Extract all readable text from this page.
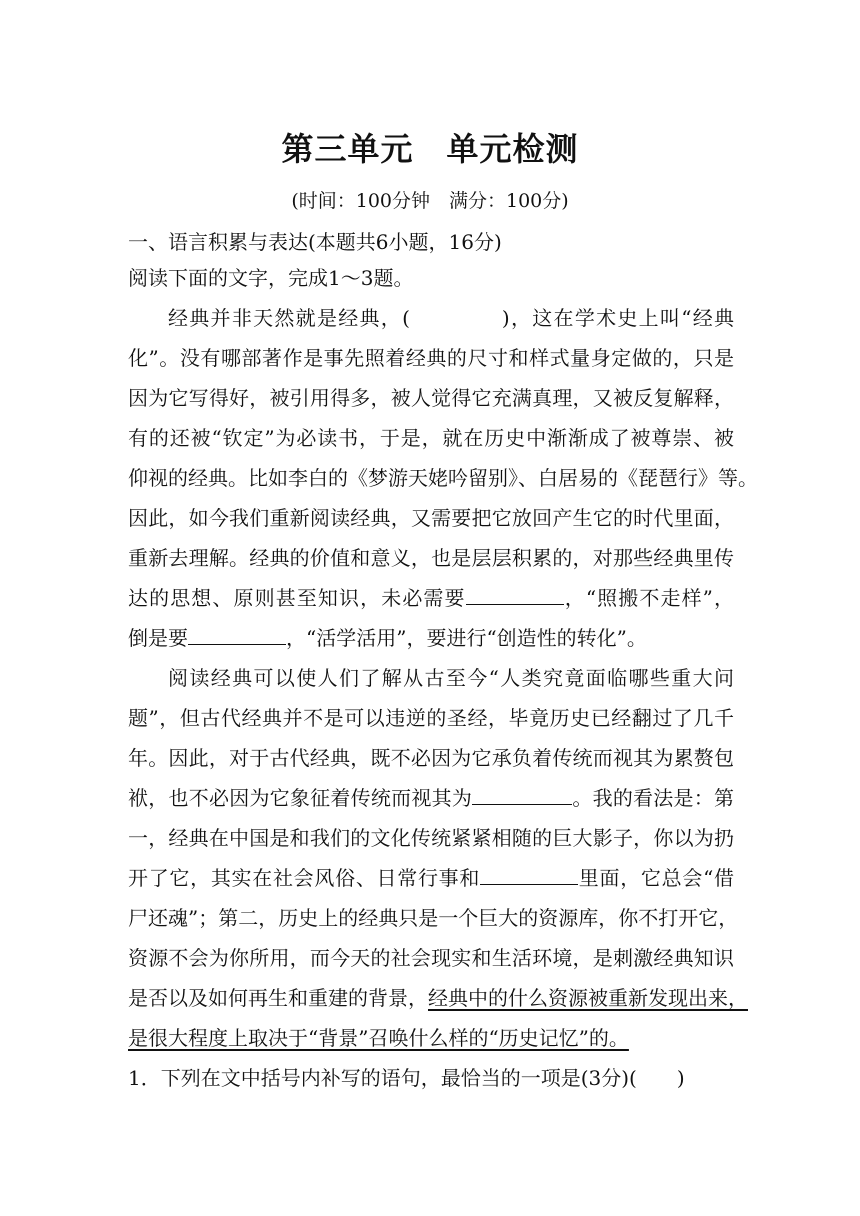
第三单元　单元检测
(时间：100分钟　满分：100分)
一、语言积累与表达(本题共6小题，16分)
阅读下面的文字，完成1～3题。
经典并非天然就是经典，(	)，这在学术史上叫“经典
化”。没有哪部著作是事先照着经典的尺寸和样式量身定做的，只是
因为它写得好，被引用得多，被人觉得它充满真理，又被反复解释，
有的还被“钦定”为必读书，于是，就在历史中渐渐成了被尊崇、被
仰视的经典。比如李白的《梦游天姥吟留别》、白居易的《琵琶行》等。
因此，如今我们重新阅读经典，又需要把它放回产生它的时代里面，
重新去理解。经典的价值和意义，也是层层积累的，对那些经典里传
达的思想、原则甚至知识，未必需要	，“照搬不走样”，
倒是要	，“活学活用”，要进行“创造性的转化”。
阅读经典可以使人们了解从古至今“人类究竟面临哪些重大问
题”，但古代经典并不是可以违逆的圣经，毕竟历史已经翻过了几千
年。因此，对于古代经典，既不必因为它承负着传统而视其为累赘包
袱，也不必因为它象征着传统而视其为	。我的看法是：第
一，经典在中国是和我们的文化传统紧紧相随的巨大影子，你以为扔
开了它，其实在社会风俗、日常行事和	里面，它总会“借
尸还魂”；第二，历史上的经典只是一个巨大的资源库，你不打开它，
资源不会为你所用，而今天的社会现实和生活环境，是刺激经典知识
是否以及如何再生和重建的背景，经典中的什么资源被重新发现出来，
是很大程度上取决于“背景”召唤什么样的“历史记忆”的。
1．下列在文中括号内补写的语句，最恰当的一项是(3分)(　　)
